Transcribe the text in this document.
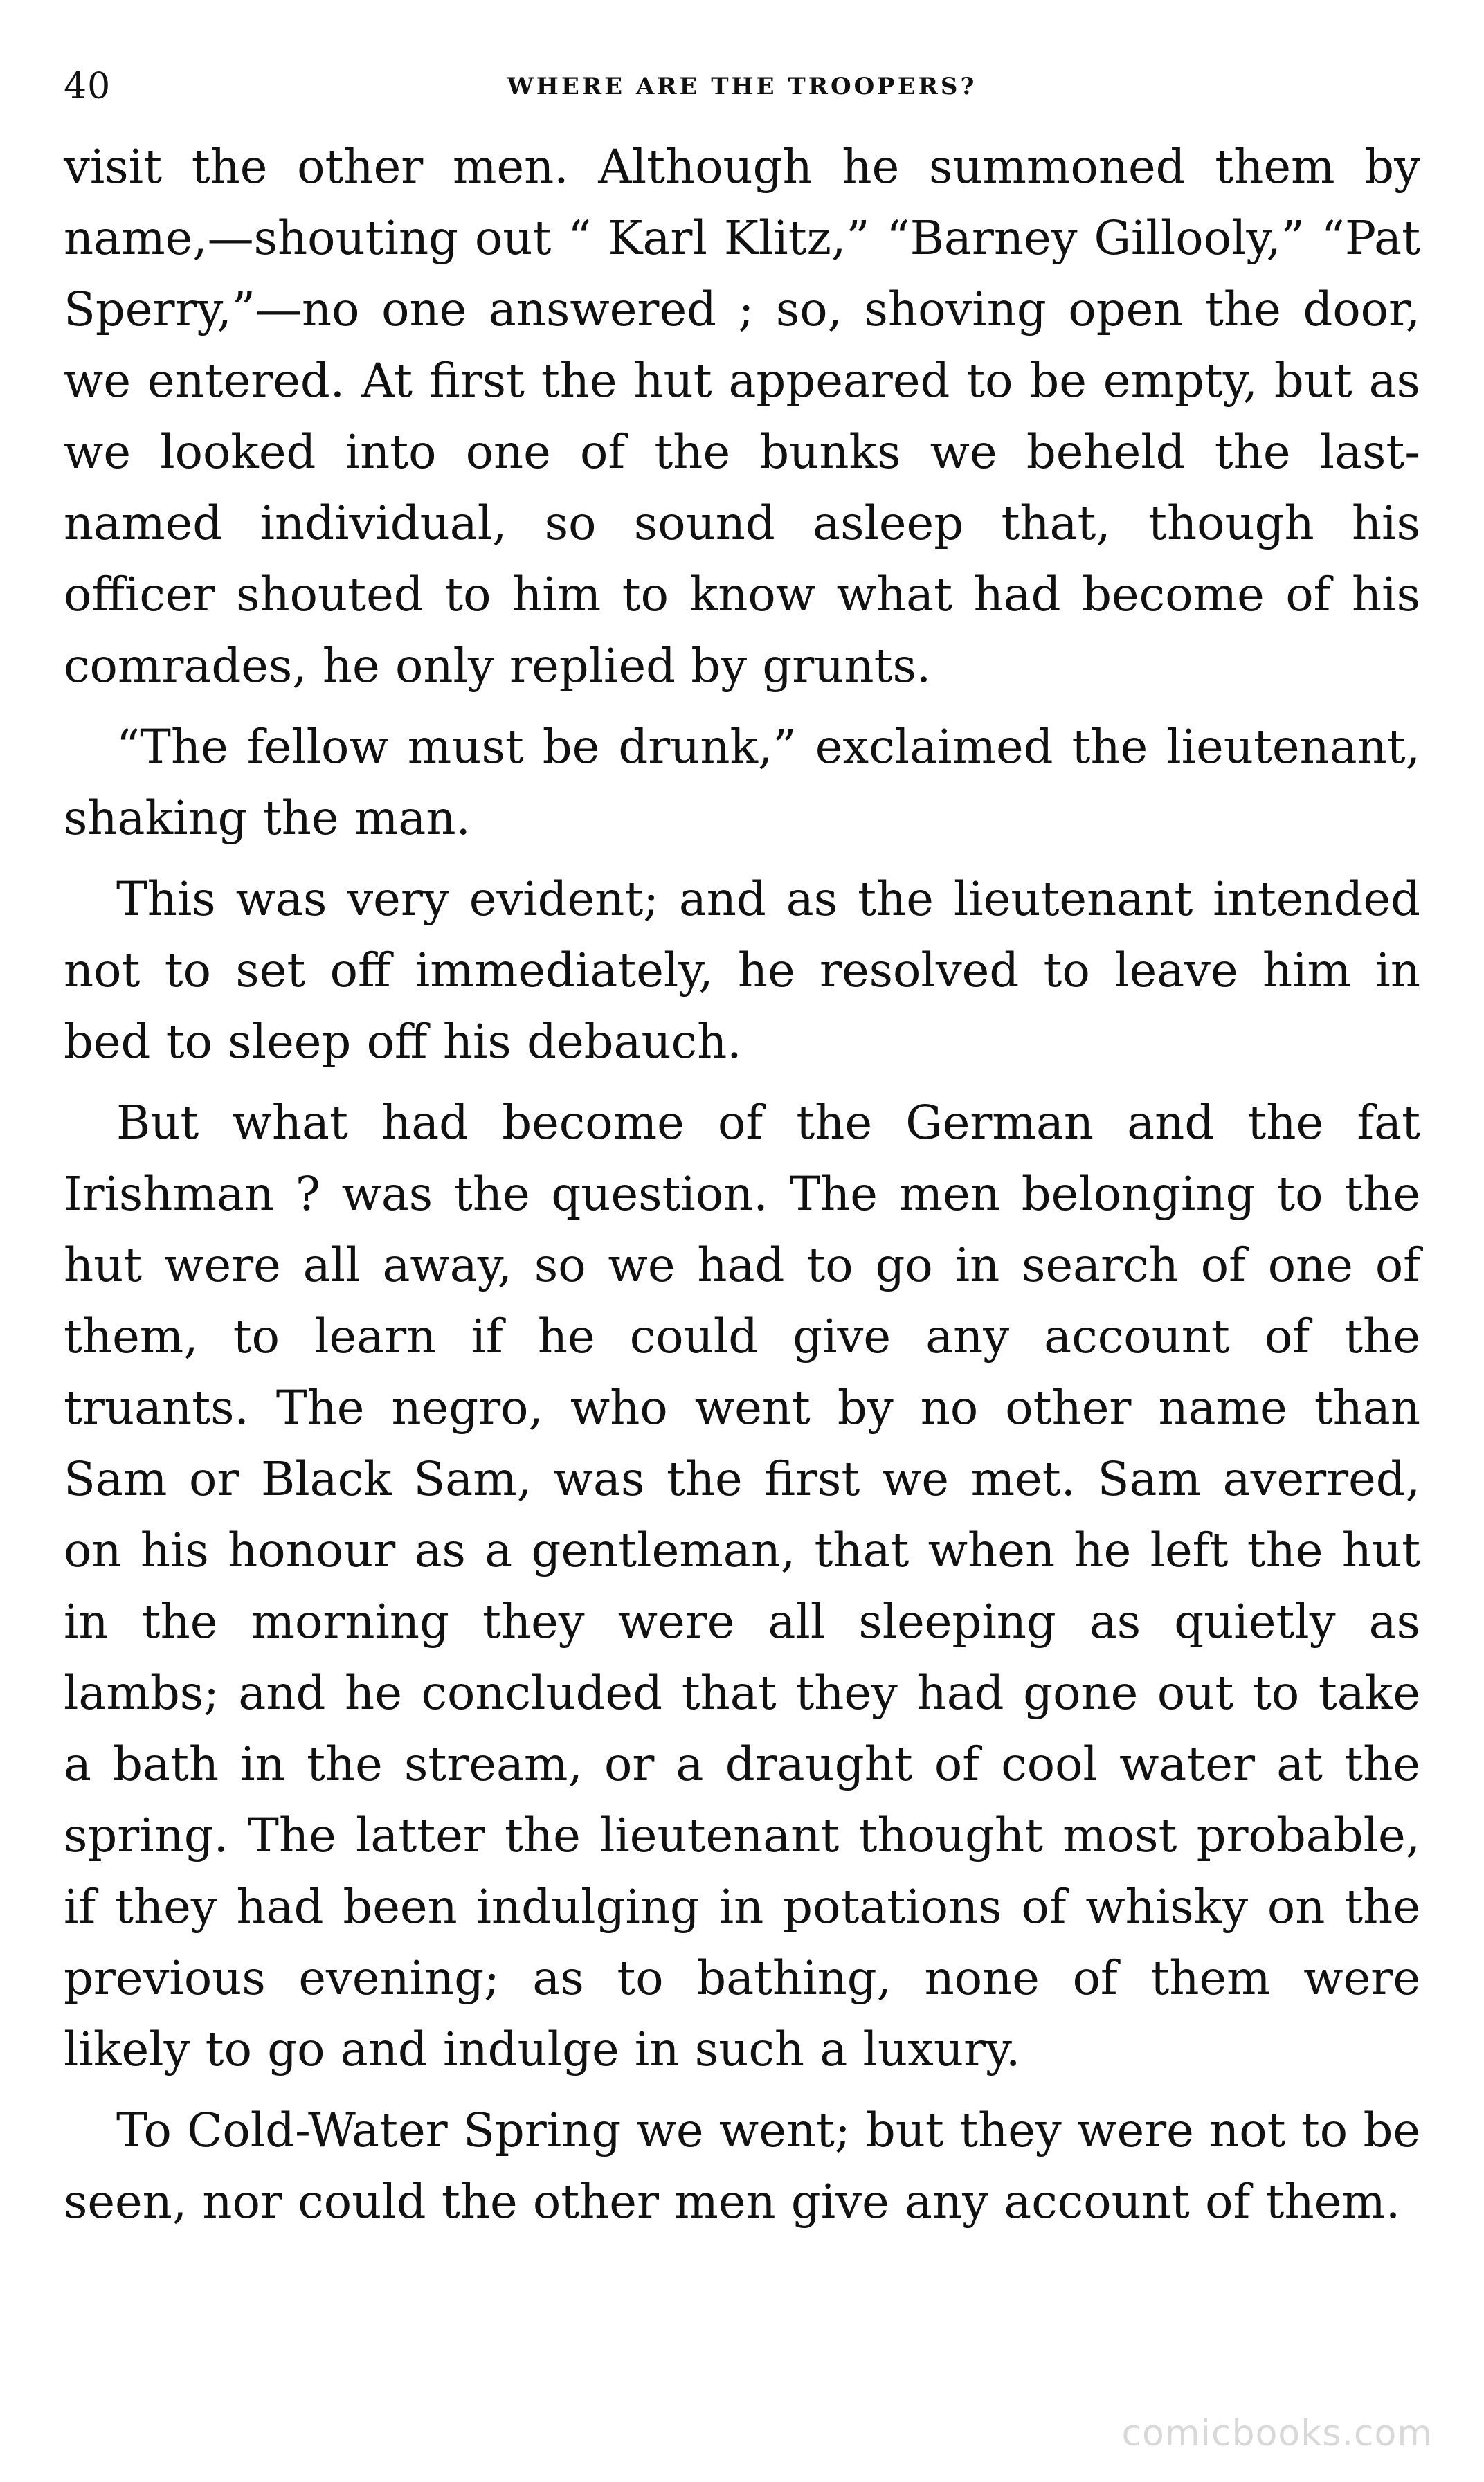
40	WHERE ARE THE TROOPERS?

visit the other men. Although he summoned them by name,—shouting out “ Karl Klitz,” “Barney Gillooly,” “Pat Sperry,”—no one answered ; so, shoving open the door, we entered. At first the hut appeared to be empty, but as we looked into one of the bunks we beheld the last-named individual, so sound asleep that, though his officer shouted to him to know what had become of his comrades, he only replied by grunts.

“The fellow must be drunk,” exclaimed the lieutenant, shaking the man.

This was very evident; and as the lieutenant intended not to set off immediately, he resolved to leave him in bed to sleep off his debauch.

But what had become of the German and the fat Irishman ? was the question. The men belonging to the hut were all away, so we had to go in search of one of them, to learn if he could give any account of the truants. The negro, who went by no other name than Sam or Black Sam, was the first we met. Sam averred, on his honour as a gentleman, that when he left the hut in the morning they were all sleeping as quietly as lambs; and he concluded that they had gone out to take a bath in the stream, or a draught of cool water at the spring. The latter the lieutenant thought most probable, if they had been indulging in potations of whisky on the previous evening; as to bathing, none of them were likely to go and indulge in such a luxury.

To Cold-Water Spring we went; but they were not to be seen, nor could the other men give any account of them.

comicbooks.com
